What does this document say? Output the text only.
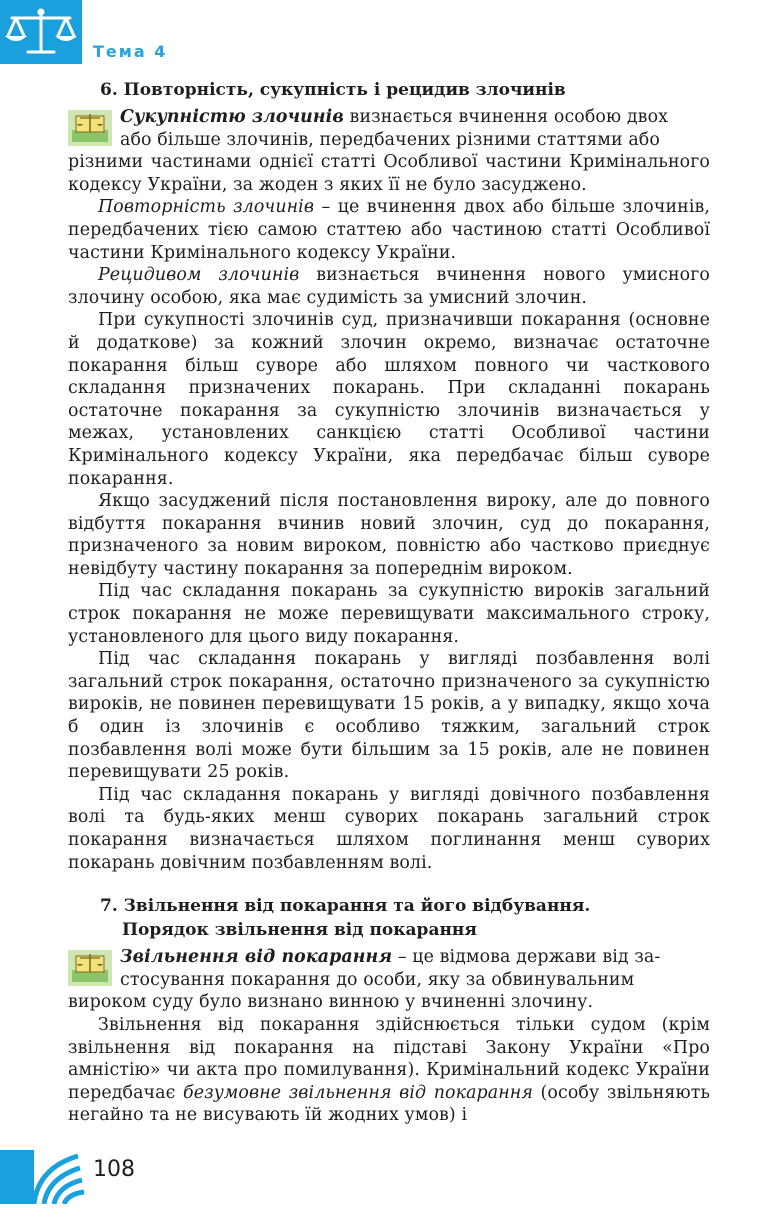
Тема 4
6. Повторність, сукупність і рецидив злочинів

Сукупністю злочинів визнається вчинення особою двох
або більше злочинів, передбачених різними статтями або
різними частинами однієї статті Особливої частини Кримінального кодексу України, за жоден з яких її не було засуджено.

Повторність злочинів – це вчинення двох або більше злочинів, передбачених тією самою статтею або частиною статті Особливої частини Кримінального кодексу України.

Рецидивом злочинів визнається вчинення нового умисного злочину особою, яка має судимість за умисний злочин.

При сукупності злочинів суд, призначивши покарання (основне й додаткове) за кожний злочин окремо, визначає остаточне покарання більш суворе або шляхом повного чи часткового складання призначених покарань. При складанні покарань остаточне покарання за сукупністю злочинів визначається у межах, установлених санкцією статті Особливої частини Кримінального кодексу України, яка передбачає більш суворе покарання.

Якщо засуджений після постановлення вироку, але до повного відбуття покарання вчинив новий злочин, суд до покарання, призначеного за новим вироком, повністю або частково приєднує невідбуту частину покарання за попереднім вироком.

Під час складання покарань за сукупністю вироків загальний строк покарання не може перевищувати максимального строку, установленого для цього виду покарання.

Під час складання покарань у вигляді позбавлення волі загальний строк покарання, остаточно призначеного за сукупністю вироків, не повинен перевищувати 15 років, а у випадку, якщо хоча б один із злочинів є особливо тяжким, загальний строк позбавлення волі може бути більшим за 15 років, але не повинен перевищувати 25 років.

Під час складання покарань у вигляді довічного позбавлення волі та будь-яких менш суворих покарань загальний строк покарання визначається шляхом поглинання менш суворих покарань довічним позбавленням волі.

7. Звільнення від покарання та його відбування.
Порядок звільнення від покарання

Звільнення від покарання – це відмова держави від за-
стосування покарання до особи, яку за обвинувальним
вироком суду було визнано винною у вчиненні злочину.

Звільнення від покарання здійснюється тільки судом (крім звільнення від покарання на підставі Закону України «Про амністію» чи акта про помилування). Кримінальний кодекс України передбачає безумовне звільнення від покарання (особу звільняють негайно та не висувають їй жодних умов) і

108
